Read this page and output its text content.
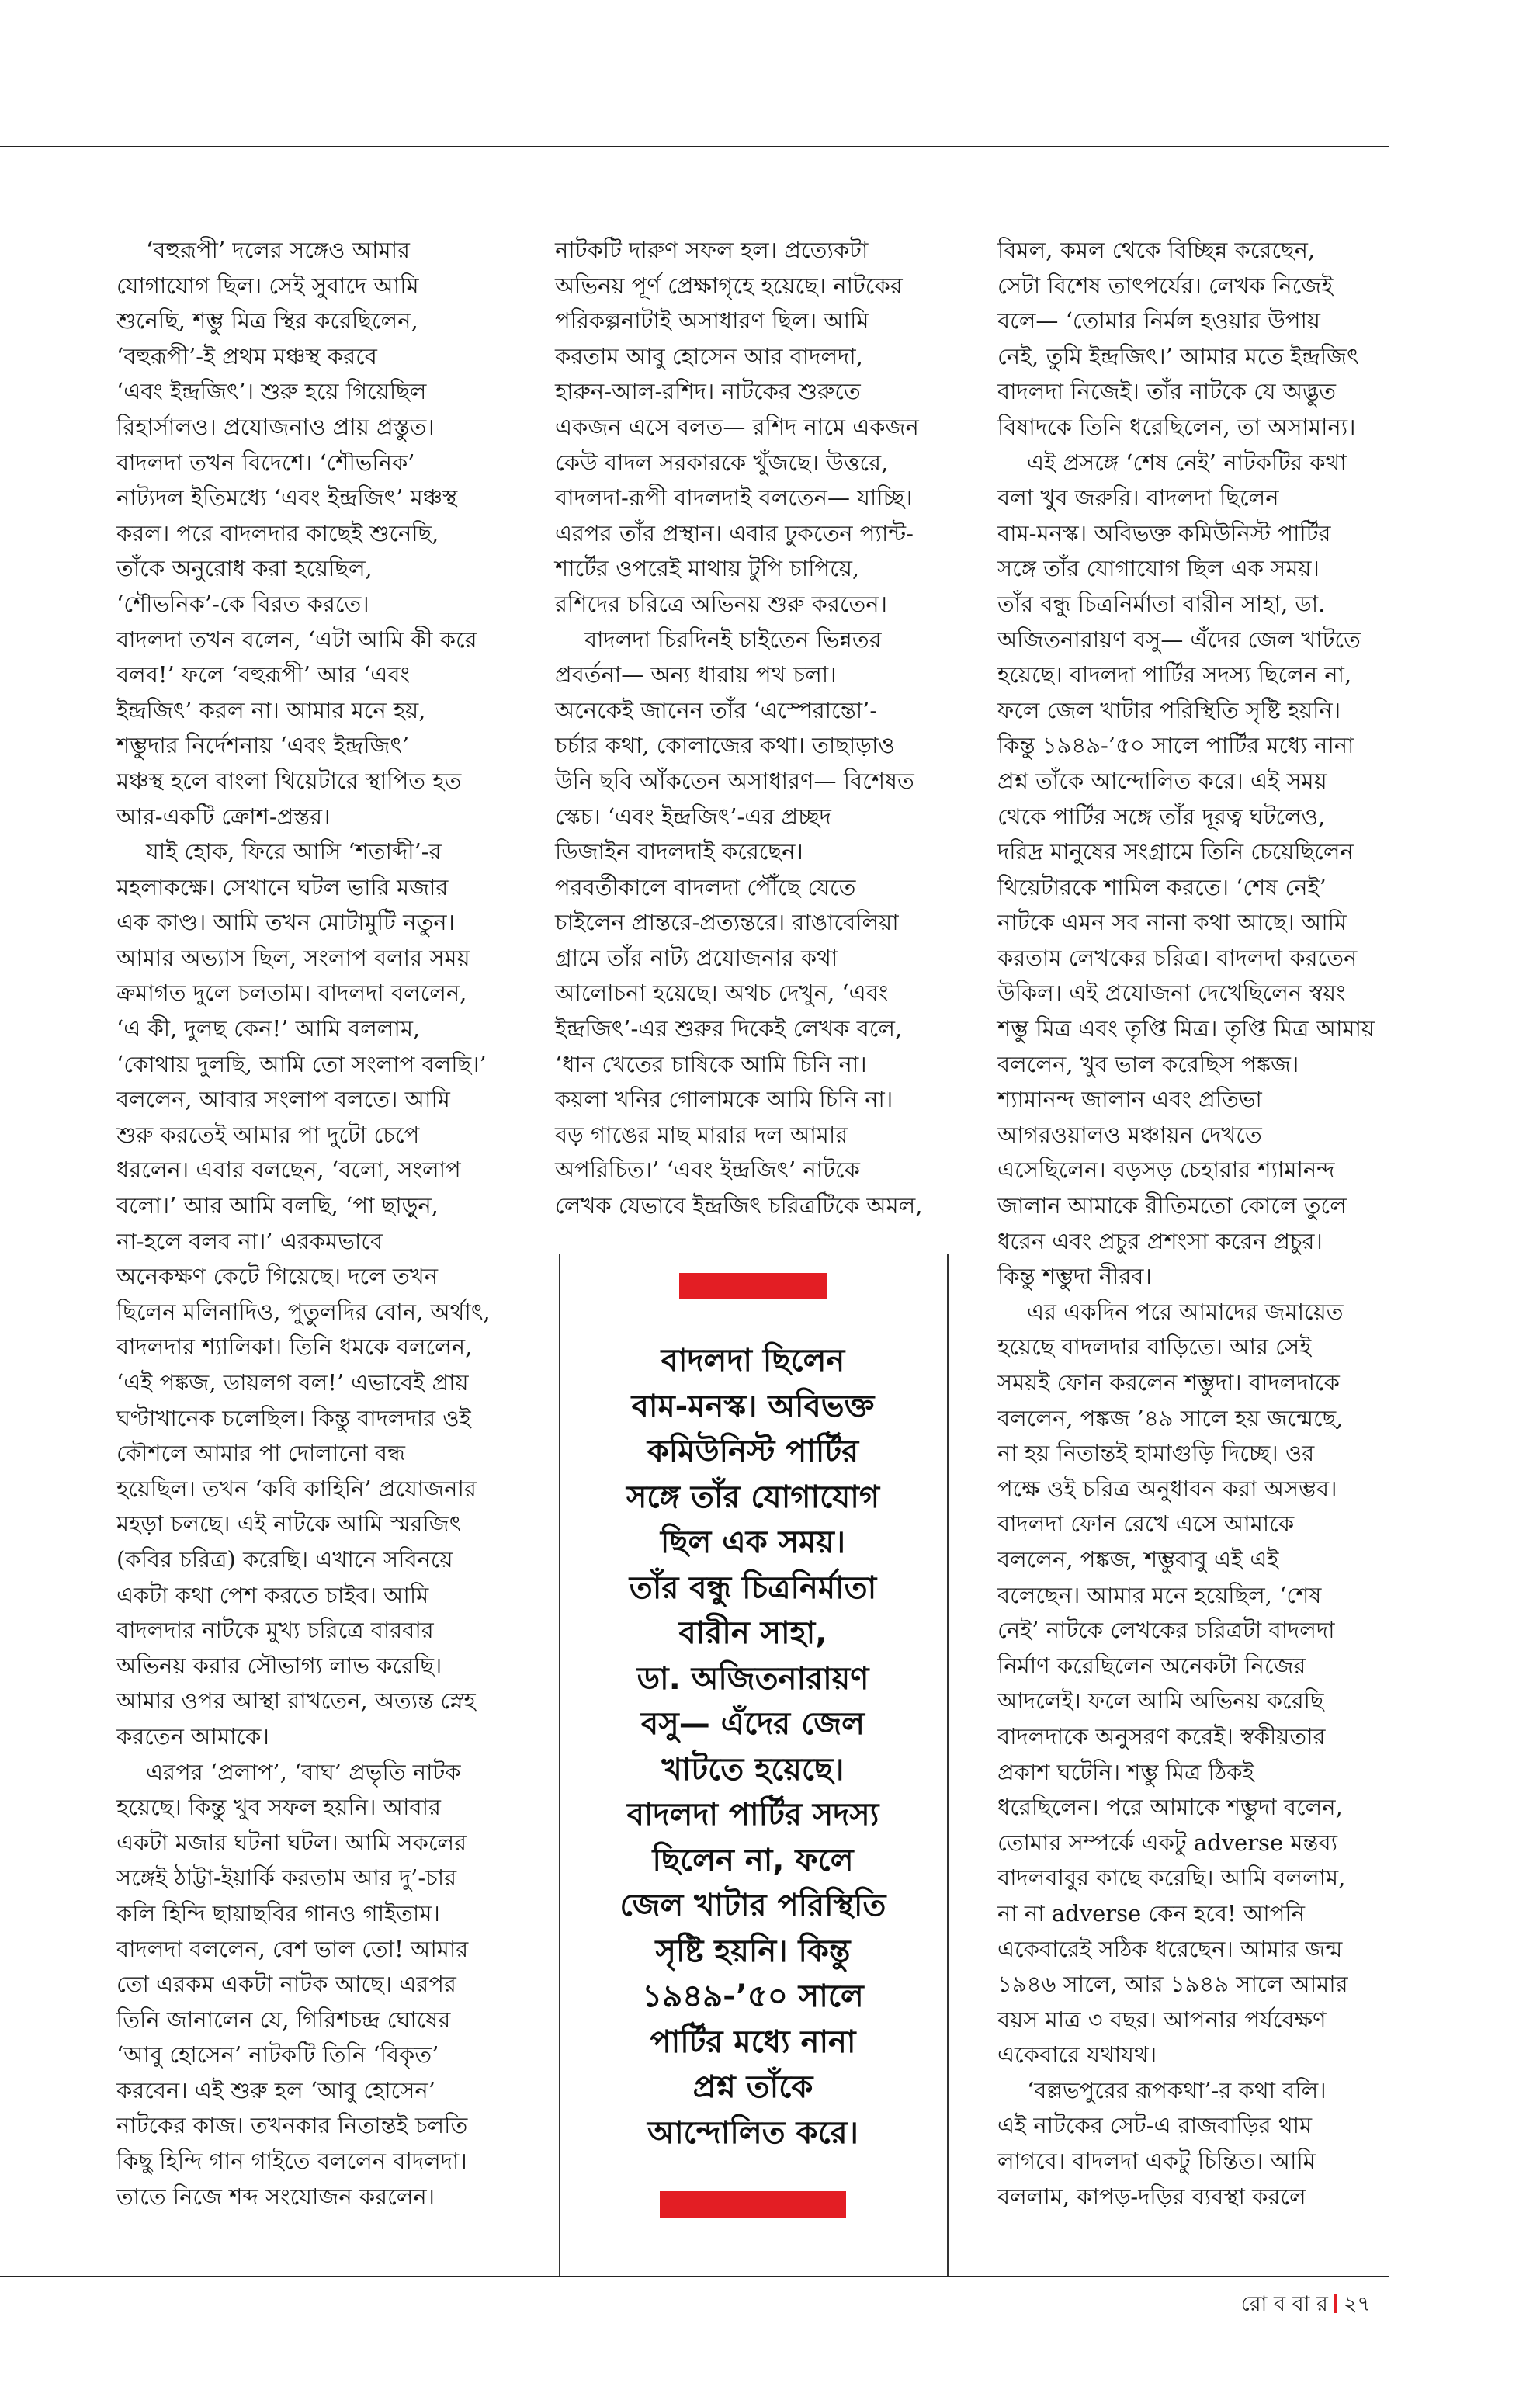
‘বহুরূপী’ দলের সঙ্গেও আমার
যোগাযোগ ছিল। সেই সুবাদে আমি
শুনেছি, শম্ভু মিত্র স্থির করেছিলেন,
‘বহুরূপী’-ই প্রথম মঞ্চস্থ করবে
‘এবং ইন্দ্রজিৎ’। শুরু হয়ে গিয়েছিল
রিহার্সালও। প্রযোজনাও প্রায় প্রস্তুত।
বাদলদা তখন বিদেশে। ‘শৌভনিক’
নাট্যদল ইতিমধ্যে ‘এবং ইন্দ্রজিৎ’ মঞ্চস্থ
করল। পরে বাদলদার কাছেই শুনেছি,
তাঁকে অনুরোধ করা হয়েছিল,
‘শৌভনিক’-কে বিরত করতে।
বাদলদা তখন বলেন, ‘এটা আমি কী করে
বলব!’ ফলে ‘বহুরূপী’ আর ‘এবং
ইন্দ্রজিৎ’ করল না। আমার মনে হয়,
শম্ভুদার নির্দেশনায় ‘এবং ইন্দ্রজিৎ’
মঞ্চস্থ হলে বাংলা থিয়েটারে স্থাপিত হত
আর-একটি ক্রোশ-প্রস্তর।

যাই হোক, ফিরে আসি ‘শতাব্দী’-র
মহলাকক্ষে। সেখানে ঘটল ভারি মজার
এক কাণ্ড। আমি তখন মোটামুটি নতুন।
আমার অভ্যাস ছিল, সংলাপ বলার সময়
ক্রমাগত দুলে চলতাম। বাদলদা বললেন,
‘এ কী, দুলছ কেন!’ আমি বললাম,
‘কোথায় দুলছি, আমি তো সংলাপ বলছি।’
বললেন, আবার সংলাপ বলতে। আমি
শুরু করতেই আমার পা দুটো চেপে
ধরলেন। এবার বলছেন, ‘বলো, সংলাপ
বলো।’ আর আমি বলছি, ‘পা ছাড়ুন,
না-হলে বলব না।’ এরকমভাবে
অনেকক্ষণ কেটে গিয়েছে। দলে তখন
ছিলেন মলিনাদিও, পুতুলদির বোন, অর্থাৎ,
বাদলদার শ্যালিকা। তিনি ধমকে বললেন,
‘এই পঙ্কজ, ডায়লগ বল!’ এভাবেই প্রায়
ঘণ্টাখানেক চলেছিল। কিন্তু বাদলদার ওই
কৌশলে আমার পা দোলানো বন্ধ
হয়েছিল। তখন ‘কবি কাহিনি’ প্রযোজনার
মহড়া চলছে। এই নাটকে আমি স্মরজিৎ
(কবির চরিত্র) করেছি। এখানে সবিনয়ে
একটা কথা পেশ করতে চাইব। আমি
বাদলদার নাটকে মুখ্য চরিত্রে বারবার
অভিনয় করার সৌভাগ্য লাভ করেছি।
আমার ওপর আস্থা রাখতেন, অত্যন্ত স্নেহ
করতেন আমাকে।

এরপর ‘প্রলাপ’, ‘বাঘ’ প্রভৃতি নাটক
হয়েছে। কিন্তু খুব সফল হয়নি। আবার
একটা মজার ঘটনা ঘটল। আমি সকলের
সঙ্গেই ঠাট্টা-ইয়ার্কি করতাম আর দু’-চার
কলি হিন্দি ছায়াছবির গানও গাইতাম।
বাদলদা বললেন, বেশ ভাল তো! আমার
তো এরকম একটা নাটক আছে। এরপর
তিনি জানালেন যে, গিরিশচন্দ্র ঘোষের
‘আবু হোসেন’ নাটকটি তিনি ‘বিকৃত’
করবেন। এই শুরু হল ‘আবু হোসেন’
নাটকের কাজ। তখনকার নিতান্তই চলতি
কিছু হিন্দি গান গাইতে বললেন বাদলদা।
তাতে নিজে শব্দ সংযোজন করলেন।

নাটকটি দারুণ সফল হল। প্রত্যেকটা
অভিনয় পূর্ণ প্রেক্ষাগৃহে হয়েছে। নাটকের
পরিকল্পনাটাই অসাধারণ ছিল। আমি
করতাম আবু হোসেন আর বাদলদা,
হারুন-আল-রশিদ। নাটকের শুরুতে
একজন এসে বলত— রশিদ নামে একজন
কেউ বাদল সরকারকে খুঁজছে। উত্তরে,
বাদলদা-রূপী বাদলদাই বলতেন— যাচ্ছি।
এরপর তাঁর প্রস্থান। এবার ঢুকতেন প্যান্ট-
শার্টের ওপরেই মাথায় টুপি চাপিয়ে,
রশিদের চরিত্রে অভিনয় শুরু করতেন।

বাদলদা চিরদিনই চাইতেন ভিন্নতর
প্রবর্তনা— অন্য ধারায় পথ চলা।
অনেকেই জানেন তাঁর ‘এস্পেরান্তো’-
চর্চার কথা, কোলাজের কথা। তাছাড়াও
উনি ছবি আঁকতেন অসাধারণ— বিশেষত
স্কেচ। ‘এবং ইন্দ্রজিৎ’-এর প্রচ্ছদ
ডিজাইন বাদলদাই করেছেন।
পরবর্তীকালে বাদলদা পৌঁছে যেতে
চাইলেন প্রান্তরে-প্রত্যন্তরে। রাঙাবেলিয়া
গ্রামে তাঁর নাট্য প্রযোজনার কথা
আলোচনা হয়েছে। অথচ দেখুন, ‘এবং
ইন্দ্রজিৎ’-এর শুরুর দিকেই লেখক বলে,
‘ধান খেতের চাষিকে আমি চিনি না।
কয়লা খনির গোলামকে আমি চিনি না।
বড় গাঙের মাছ মারার দল আমার
অপরিচিত।’ ‘এবং ইন্দ্রজিৎ’ নাটকে
লেখক যেভাবে ইন্দ্রজিৎ চরিত্রটিকে অমল,

বিমল, কমল থেকে বিচ্ছিন্ন করেছেন,
সেটা বিশেষ তাৎপর্যের। লেখক নিজেই
বলে— ‘তোমার নির্মল হওয়ার উপায়
নেই, তুমি ইন্দ্রজিৎ।’ আমার মতে ইন্দ্রজিৎ
বাদলদা নিজেই। তাঁর নাটকে যে অদ্ভুত
বিষাদকে তিনি ধরেছিলেন, তা অসামান্য।

এই প্রসঙ্গে ‘শেষ নেই’ নাটকটির কথা
বলা খুব জরুরি। বাদলদা ছিলেন
বাম-মনস্ক। অবিভক্ত কমিউনিস্ট পার্টির
সঙ্গে তাঁর যোগাযোগ ছিল এক সময়।
তাঁর বন্ধু চিত্রনির্মাতা বারীন সাহা, ডা.
অজিতনারায়ণ বসু— এঁদের জেল খাটতে
হয়েছে। বাদলদা পার্টির সদস্য ছিলেন না,
ফলে জেল খাটার পরিস্থিতি সৃষ্টি হয়নি।
কিন্তু ১৯৪৯-’৫০ সালে পার্টির মধ্যে নানা
প্রশ্ন তাঁকে আন্দোলিত করে। এই সময়
থেকে পার্টির সঙ্গে তাঁর দূরত্ব ঘটলেও,
দরিদ্র মানুষের সংগ্রামে তিনি চেয়েছিলেন
থিয়েটারকে শামিল করতে। ‘শেষ নেই’
নাটকে এমন সব নানা কথা আছে। আমি
করতাম লেখকের চরিত্র। বাদলদা করতেন
উকিল। এই প্রযোজনা দেখেছিলেন স্বয়ং
শম্ভু মিত্র এবং তৃপ্তি মিত্র। তৃপ্তি মিত্র আমায়
বললেন, খুব ভাল করেছিস পঙ্কজ।
শ্যামানন্দ জালান এবং প্রতিভা
আগরওয়ালও মঞ্চায়ন দেখতে
এসেছিলেন। বড়সড় চেহারার শ্যামানন্দ
জালান আমাকে রীতিমতো কোলে তুলে
ধরেন এবং প্রচুর প্রশংসা করেন প্রচুর।
কিন্তু শম্ভুদা নীরব।

এর একদিন পরে আমাদের জমায়েত
হয়েছে বাদলদার বাড়িতে। আর সেই
সময়ই ফোন করলেন শম্ভুদা। বাদলদাকে
বললেন, পঙ্কজ ’৪৯ সালে হয় জন্মেছে,
না হয় নিতান্তই হামাগুড়ি দিচ্ছে। ওর
পক্ষে ওই চরিত্র অনুধাবন করা অসম্ভব।
বাদলদা ফোন রেখে এসে আমাকে
বললেন, পঙ্কজ, শম্ভুবাবু এই এই
বলেছেন। আমার মনে হয়েছিল, ‘শেষ
নেই’ নাটকে লেখকের চরিত্রটা বাদলদা
নির্মাণ করেছিলেন অনেকটা নিজের
আদলেই। ফলে আমি অভিনয় করেছি
বাদলদাকে অনুসরণ করেই। স্বকীয়তার
প্রকাশ ঘটেনি। শম্ভু মিত্র ঠিকই
ধরেছিলেন। পরে আমাকে শম্ভুদা বলেন,
তোমার সম্পর্কে একটু adverse মন্তব্য
বাদলবাবুর কাছে করেছি। আমি বললাম,
না না adverse কেন হবে! আপনি
একেবারেই সঠিক ধরেছেন। আমার জন্ম
১৯৪৬ সালে, আর ১৯৪৯ সালে আমার
বয়স মাত্র ৩ বছর। আপনার পর্যবেক্ষণ
একেবারে যথাযথ।

‘বল্লভপুরের রূপকথা’-র কথা বলি।
এই নাটকের সেট-এ রাজবাড়ির থাম
লাগবে। বাদলদা একটু চিন্তিত। আমি
বললাম, কাপড়-দড়ির ব্যবস্থা করলে

বাদলদা ছিলেন
বাম-মনস্ক। অবিভক্ত
কমিউনিস্ট পার্টির
সঙ্গে তাঁর যোগাযোগ
ছিল এক সময়।
তাঁর বন্ধু চিত্রনির্মাতা
বারীন সাহা,
ডা. অজিতনারায়ণ
বসু— এঁদের জেল
খাটতে হয়েছে।
বাদলদা পার্টির সদস্য
ছিলেন না, ফলে
জেল খাটার পরিস্থিতি
সৃষ্টি হয়নি। কিন্তু
১৯৪৯-’৫০ সালে
পার্টির মধ্যে নানা
প্রশ্ন তাঁকে
আন্দোলিত করে।

রো ব বা র ২৭
